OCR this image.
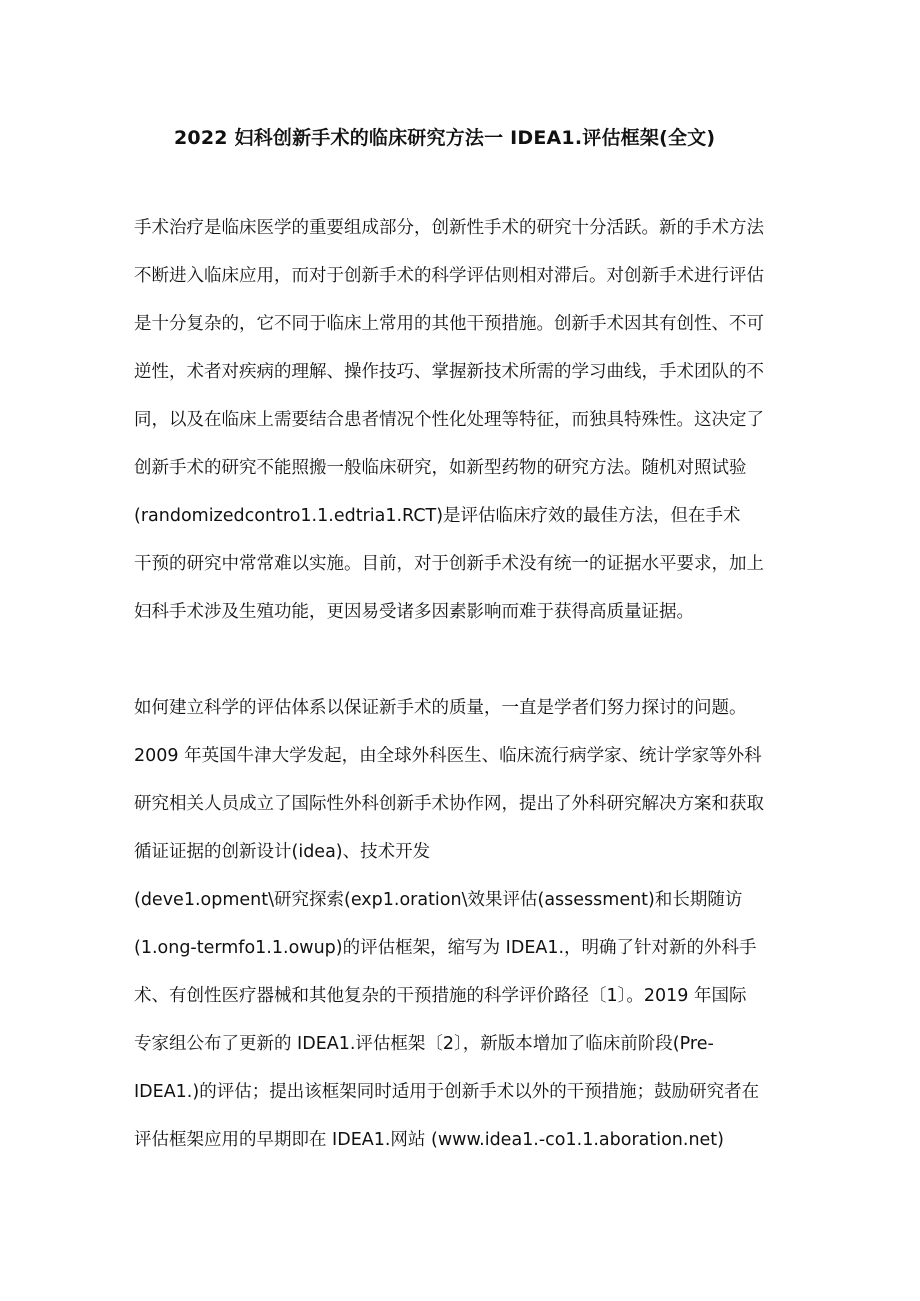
2022 妇科创新手术的临床研究方法一 IDEA1.评估框架(全文)
手术治疗是临床医学的重要组成部分，创新性手术的研究十分活跃。新的手术方法
不断进入临床应用，而对于创新手术的科学评估则相对滞后。对创新手术进行评估
是十分复杂的，它不同于临床上常用的其他干预措施。创新手术因其有创性、不可
逆性，术者对疾病的理解、操作技巧、掌握新技术所需的学习曲线，手术团队的不
同，以及在临床上需要结合患者情况个性化处理等特征，而独具特殊性。这决定了
创新手术的研究不能照搬一般临床研究，如新型药物的研究方法。随机对照试验
(randomizedcontro1.1.edtria1.RCT)是评估临床疗效的最佳方法，但在手术
干预的研究中常常难以实施。目前，对于创新手术没有统一的证据水平要求，加上
妇科手术涉及生殖功能，更因易受诸多因素影响而难于获得高质量证据。
如何建立科学的评估体系以保证新手术的质量，一直是学者们努力探讨的问题。
2009 年英国牛津大学发起，由全球外科医生、临床流行病学家、统计学家等外科
研究相关人员成立了国际性外科创新手术协作网，提出了外科研究解决方案和获取
循证证据的创新设计(idea)、技术开发
(deve1.opment\研究探索(exp1.oration\效果评估(assessment)和长期随访
(1.ong-termfo1.1.owup)的评估框架，缩写为 IDEA1.，明确了针对新的外科手
术、有创性医疗器械和其他复杂的干预措施的科学评价路径〔1〕。2019 年国际
专家组公布了更新的 IDEA1.评估框架〔2〕，新版本增加了临床前阶段(Pre-
IDEA1.)的评估；提出该框架同时适用于创新手术以外的干预措施；鼓励研究者在
评估框架应用的早期即在 IDEA1.网站 (www.idea1.-co1.1.aboration.net)
